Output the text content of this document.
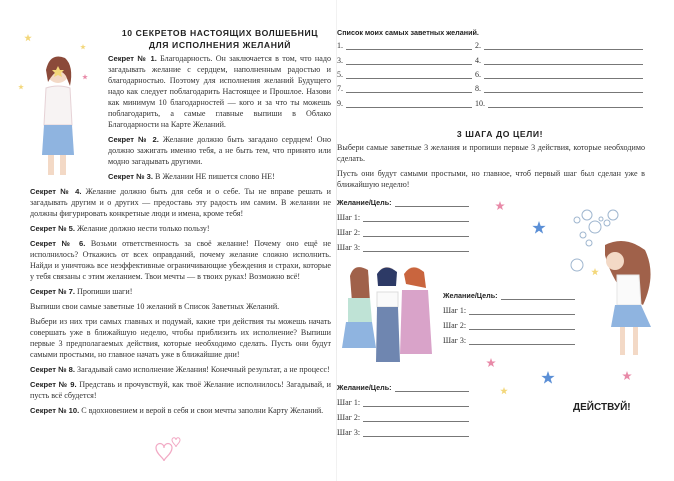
10 СЕКРЕТОВ НАСТОЯЩИХ ВОЛШЕБНИЦ
ДЛЯ ИСПОЛНЕНИЯ ЖЕЛАНИЙ

Секрет № 1. Благодарность. Он заключается в том, что надо загадывать желание с сердцем, наполненным радостью и благодарностью. Поэтому для исполнения желаний Будущего надо как следует поблагодарить Настоящее и Прошлое. Назови как минимум 10 благодарностей — кого и за что ты можешь поблагодарить, а самые главные выпиши в Облако Благодарности на Карте Желаний.

Секрет № 2. Желание должно быть загадано сердцем! Оно должно зажигать именно тебя, а не быть тем, что принято или модно загадывать другими.

Секрет № 3. В Желании НЕ пишется слово НЕ!

Секрет № 4. Желание должно быть для себя и о себе. Ты не вправе решать и загадывать другим и о других — предоставь эту радость им самим. В желании не должны фигурировать конкретные люди и имена, кроме тебя!

Секрет № 5. Желание должно нести только пользу!

Секрет № 6. Возьми ответственность за своё желание! Почему оно ещё не исполнилось? Откажись от всех оправданий, почему желание сложно исполнить. Найди и уничтожь все неэффективные ограничивающие убеждения и страхи, которые у тебя связаны с этим желанием. Твои мечты — в твоих руках! Возможно всё!

Секрет № 7. Пропиши шаги!

Выпиши свои самые заветные 10 желаний в Список Заветных Желаний.

Выбери из них три самых главных и подумай, какие три действия ты можешь начать совершать уже в ближайшую неделю, чтобы приблизить их исполнение? Выпиши первые 3 предполагаемых действия, которые необходимо сделать. Пусть они будут самыми простыми, но главное начать уже в ближайшие дни!

Секрет № 8. Загадывай само исполнение Желания! Конечный результат, а не процесс!

Секрет № 9. Представь и прочувствуй, как твоё Желание исполнилось! Загадывай, и пусть всё сбудется!

Секрет № 10. С вдохновением и верой в себя и свои мечты заполни Карту Желаний.

Список моих самых заветных желаний.
1.	2.
3.	4.
5.	6.
7.	8.
9.	10.
3 ШАГА ДО ЦЕЛИ!

Выбери самые заветные 3 желания и пропиши первые 3 действия, которые необходимо сделать.

Пусть они будут самыми простыми, но главное, чтоб первый шаг был сделан уже в ближайшую неделю!

Желание/Цель:
Шаг 1:
Шаг 2:
Шаг 3:
Желание/Цель:
Шаг 1:
Шаг 2:
Шаг 3:
Желание/Цель:
Шаг 1:
Шаг 2:
Шаг 3:
ДЕЙСТВУЙ!
